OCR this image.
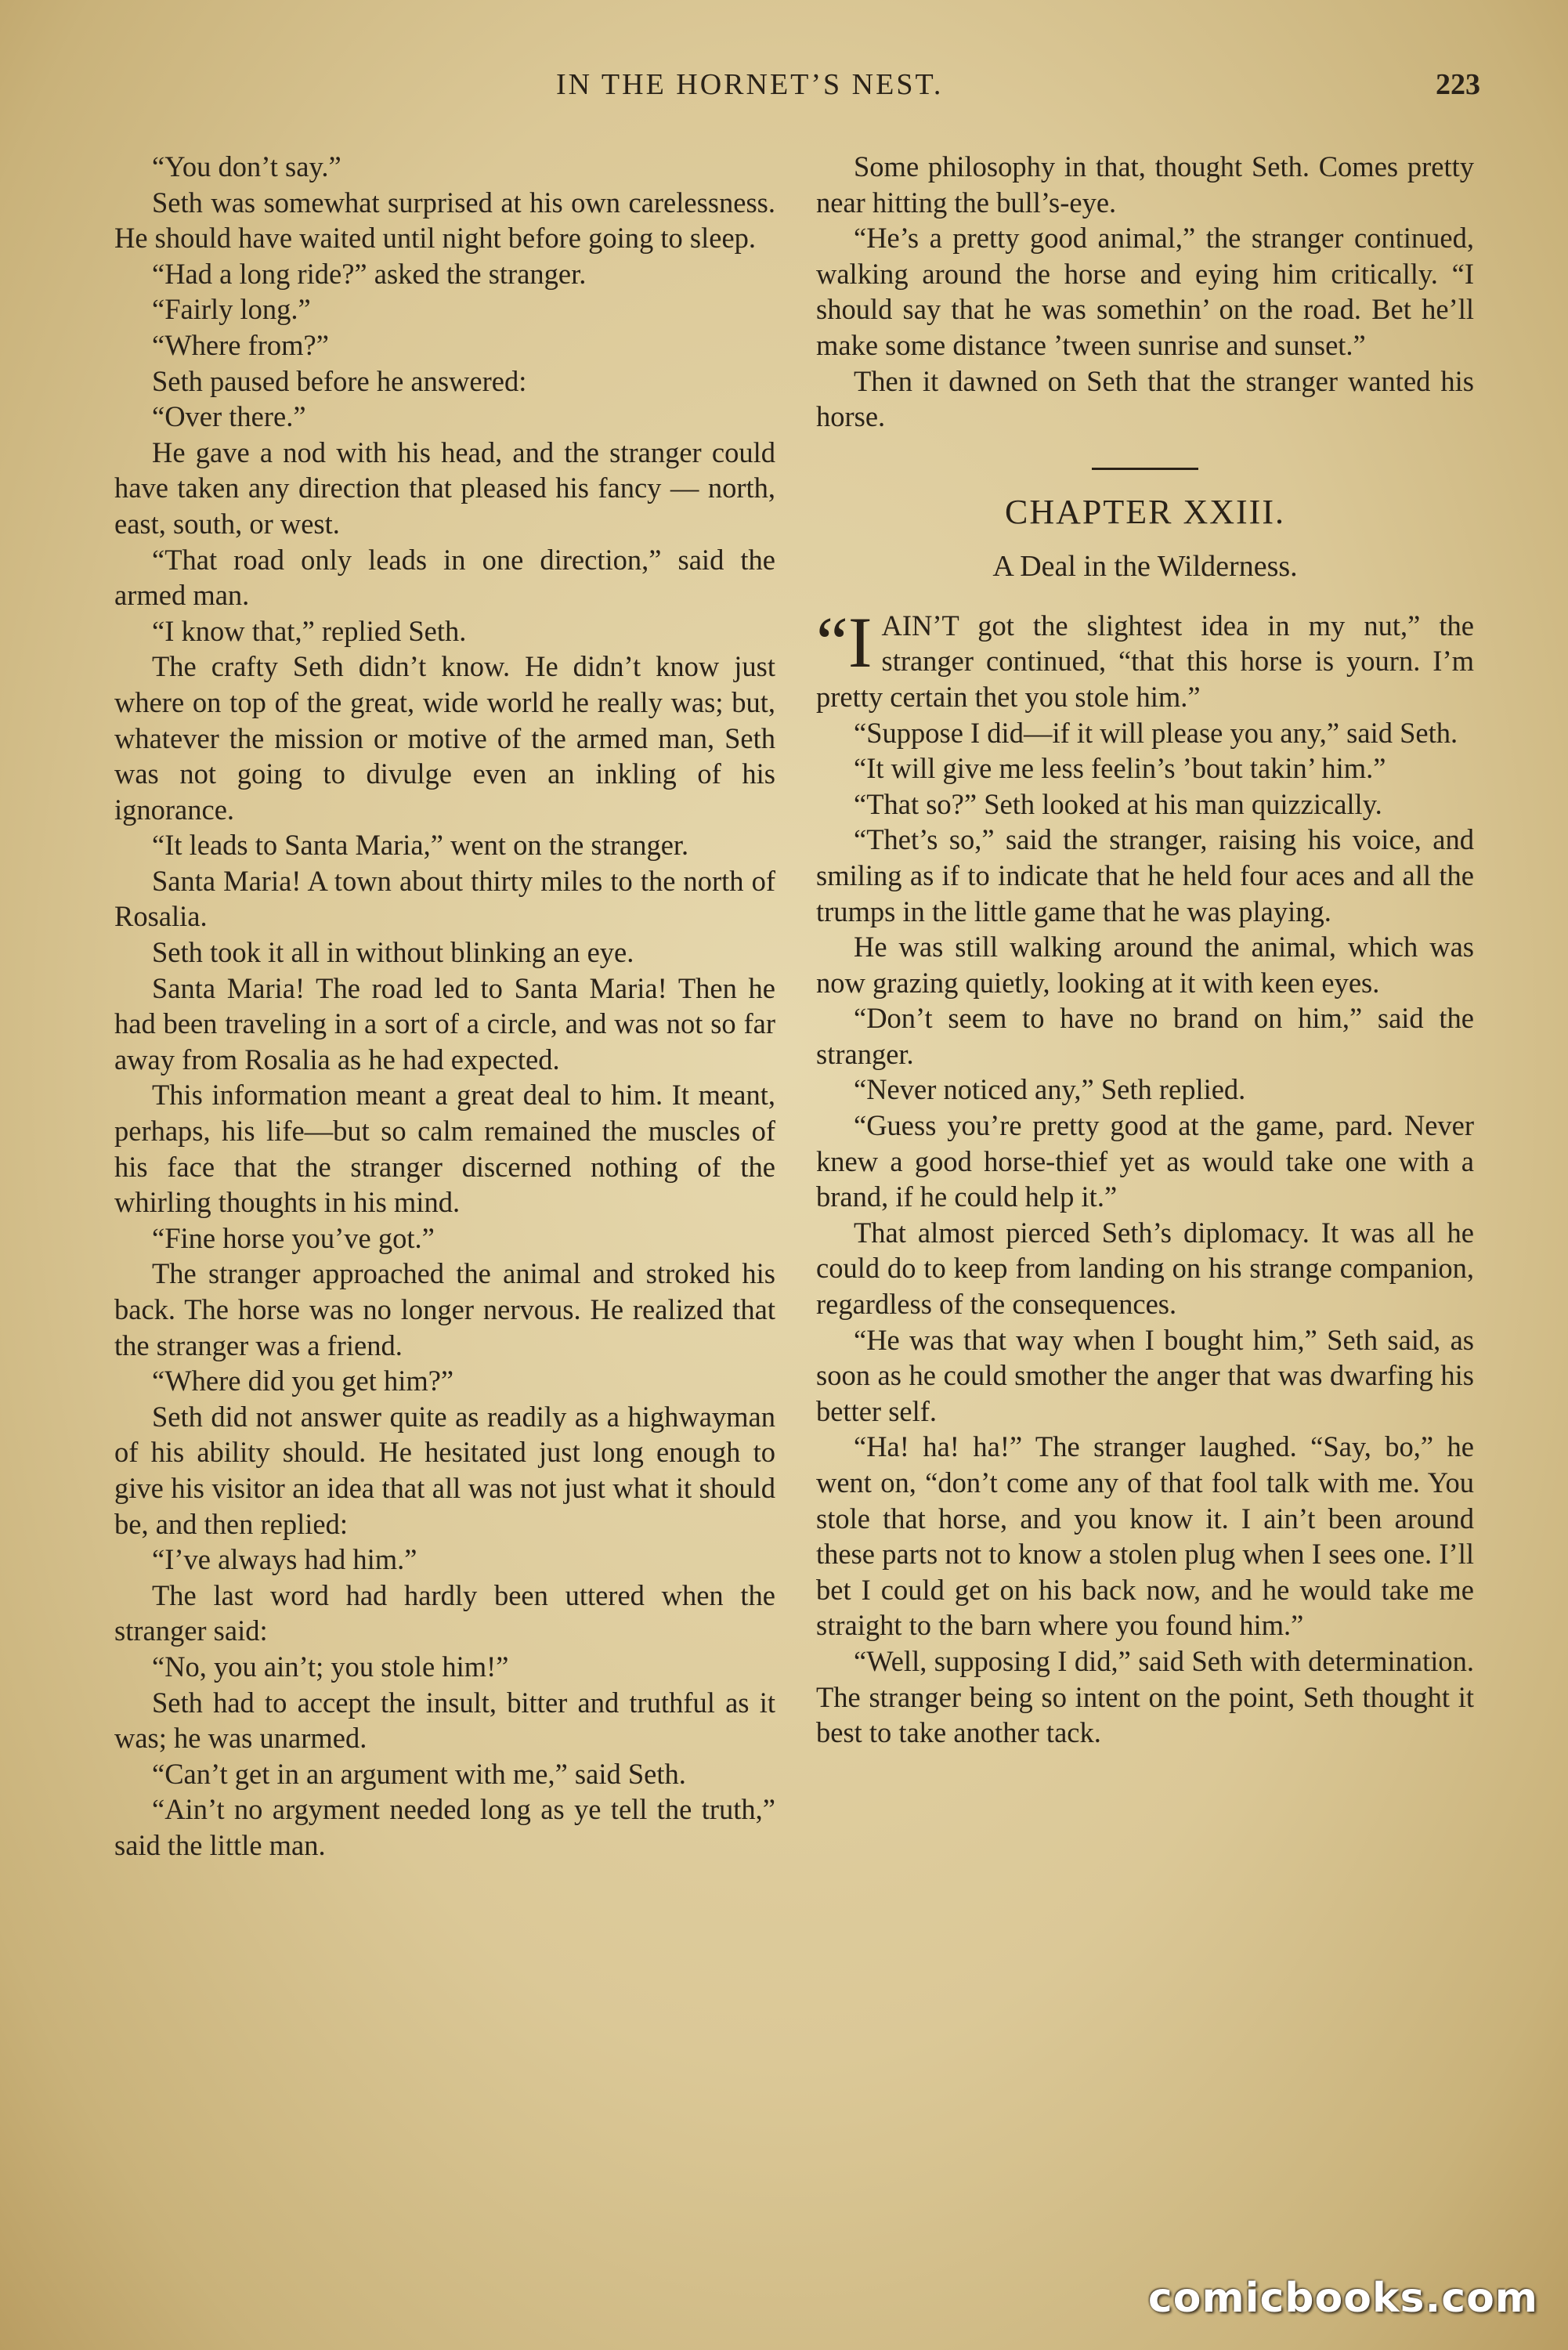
IN THE HORNET’S NEST.	223

“You don’t say.”

Seth was somewhat surprised at his own carelessness. He should have waited until night before going to sleep.

“Had a long ride?” asked the stranger.

“Fairly long.”

“Where from?”

Seth paused before he answered:

“Over there.”

He gave a nod with his head, and the stranger could have taken any direction that pleased his fancy — north, east, south, or west.

“That road only leads in one direction,” said the armed man.

“I know that,” replied Seth.

The crafty Seth didn’t know. He didn’t know just where on top of the great, wide world he really was; but, whatever the mission or motive of the armed man, Seth was not going to divulge even an inkling of his ignorance.

“It leads to Santa Maria,” went on the stranger.

Santa Maria! A town about thirty miles to the north of Rosalia.

Seth took it all in without blinking an eye.

Santa Maria! The road led to Santa Maria! Then he had been traveling in a sort of a circle, and was not so far away from Rosalia as he had expected.

This information meant a great deal to him. It meant, perhaps, his life—but so calm remained the muscles of his face that the stranger discerned nothing of the whirling thoughts in his mind.

“Fine horse you’ve got.”

The stranger approached the animal and stroked his back. The horse was no longer nervous. He realized that the stranger was a friend.

“Where did you get him?”

Seth did not answer quite as readily as a highwayman of his ability should. He hesitated just long enough to give his visitor an idea that all was not just what it should be, and then replied:

“I’ve always had him.”

The last word had hardly been uttered when the stranger said:

“No, you ain’t; you stole him!”

Seth had to accept the insult, bitter and truthful as it was; he was unarmed.

“Can’t get in an argument with me,” said Seth.

“Ain’t no argyment needed long as ye tell the truth,” said the little man.

Some philosophy in that, thought Seth. Comes pretty near hitting the bull’s-eye.

“He’s a pretty good animal,” the stranger continued, walking around the horse and eying him critically. “I should say that he was somethin’ on the road. Bet he’ll make some distance ’tween sunrise and sunset.”

Then it dawned on Seth that the stranger wanted his horse.

CHAPTER XXIII.
A Deal in the Wilderness.

“I AIN’T got the slightest idea in my nut,” the stranger continued, “that this horse is yourn. I’m pretty certain thet you stole him.”

“Suppose I did—if it will please you any,” said Seth.

“It will give me less feelin’s ’bout takin’ him.”

“That so?” Seth looked at his man quizzically.

“Thet’s so,” said the stranger, raising his voice, and smiling as if to indicate that he held four aces and all the trumps in the little game that he was playing.

He was still walking around the animal, which was now grazing quietly, looking at it with keen eyes.

“Don’t seem to have no brand on him,” said the stranger.

“Never noticed any,” Seth replied.

“Guess you’re pretty good at the game, pard. Never knew a good horse-thief yet as would take one with a brand, if he could help it.”

That almost pierced Seth’s diplomacy. It was all he could do to keep from landing on his strange companion, regardless of the consequences.

“He was that way when I bought him,” Seth said, as soon as he could smother the anger that was dwarfing his better self.

“Ha! ha! ha!” The stranger laughed. “Say, bo,” he went on, “don’t come any of that fool talk with me. You stole that horse, and you know it. I ain’t been around these parts not to know a stolen plug when I sees one. I’ll bet I could get on his back now, and he would take me straight to the barn where you found him.”

“Well, supposing I did,” said Seth with determination. The stranger being so intent on the point, Seth thought it best to take another tack.

comicbooks.com
